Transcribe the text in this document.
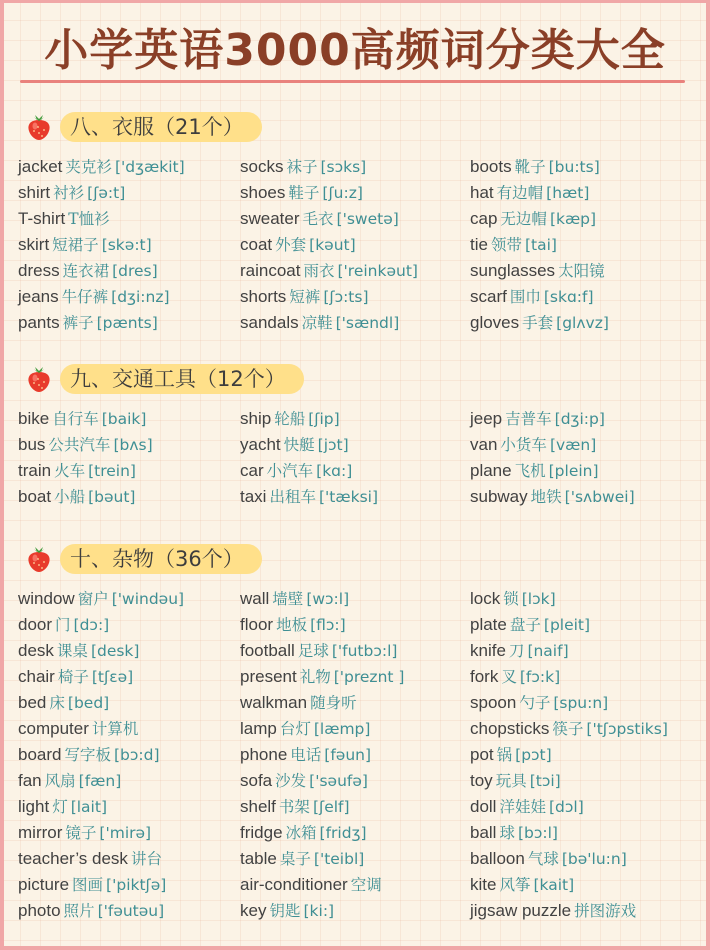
小学英语3000高频词分类大全
八、衣服（21个）
jacket 夹克衫 ['dʒækit]
shirt 衬衫 [ʃə:t]
T-shirt T恤衫
skirt 短裙子 [skə:t]
dress 连衣裙 [dres]
jeans 牛仔裤 [dʒi:nz]
pants 裤子 [pænts]
socks 袜子 [sɔks]
shoes 鞋子 [ʃu:z]
sweater 毛衣 ['swetə]
coat 外套 [kəut]
raincoat 雨衣 ['reinkəut]
shorts 短裤 [ʃɔ:ts]
sandals 凉鞋 ['sændl]
boots 靴子 [bu:ts]
hat 有边帽 [hæt]
cap 无边帽 [kæp]
tie 领带 [tai]
sunglasses 太阳镜
scarf 围巾 [skɑ:f]
gloves 手套 [glʌvz]
九、交通工具（12个）
bike 自行车 [baik]
bus 公共汽车 [bʌs]
train 火车 [trein]
boat 小船 [bəut]
ship 轮船 [ʃip]
yacht 快艇 [jɔt]
car 小汽车 [kɑ:]
taxi 出租车 ['tæksi]
jeep 吉普车 [dʒi:p]
van 小货车 [væn]
plane 飞机 [plein]
subway 地铁 ['sʌbwei]
十、杂物（36个）
window 窗户 ['windəu]
door 门 [dɔ:]
desk 课桌 [desk]
chair 椅子 [tʃɛə]
bed 床 [bed]
computer 计算机
board 写字板 [bɔ:d]
fan 风扇 [fæn]
light 灯 [lait]
mirror 镜子 ['mirə]
teacher’s desk 讲台
picture 图画 ['piktʃə]
photo 照片 ['fəutəu]
wall 墙壁 [wɔ:l]
floor 地板 [flɔ:]
football 足球 ['futbɔ:l]
present 礼物 ['preznt ]
walkman 随身听
lamp 台灯 [læmp]
phone 电话 [fəun]
sofa 沙发 ['səufə]
shelf 书架 [ʃelf]
fridge 冰箱 [fridʒ]
table 桌子 ['teibl]
air-conditioner 空调
key 钥匙 [ki:]
lock 锁 [lɔk]
plate 盘子 [pleit]
knife 刀 [naif]
fork 叉 [fɔ:k]
spoon 勺子 [spu:n]
chopsticks 筷子 ['tʃɔpstiks]
pot 锅 [pɔt]
toy 玩具 [tɔi]
doll 洋娃娃 [dɔl]
ball 球 [bɔ:l]
balloon 气球 [bə'lu:n]
kite 风筝 [kait]
jigsaw puzzle 拼图游戏
